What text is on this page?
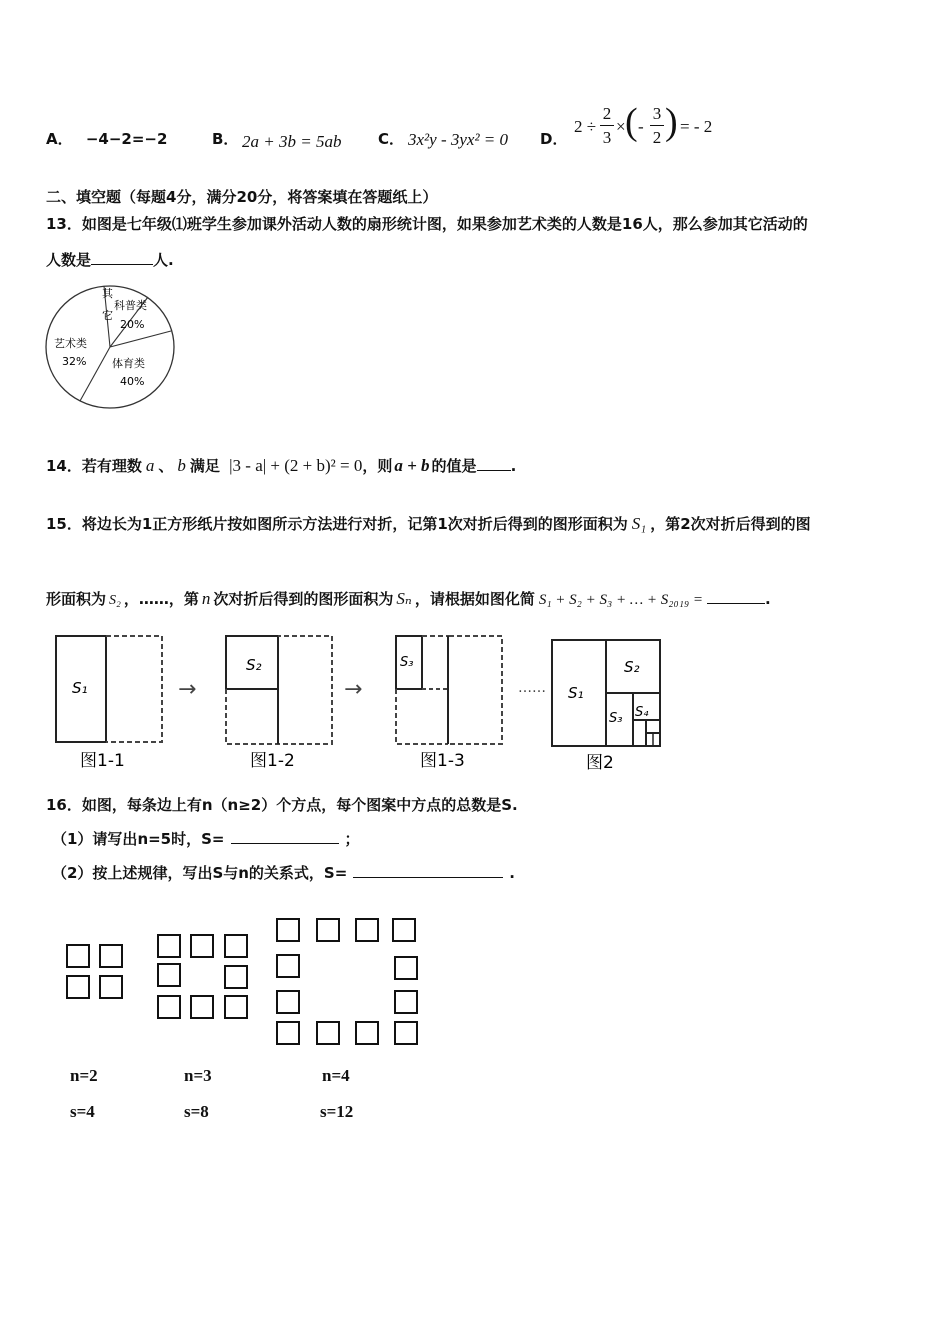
A． −4−2=−2	B． 2a + 3b = 5ab C． 3x²y - 3yx² = 0 D．
2 ÷
2
3
× ( -
3
2 ) = - 2
二、填空题（每题4分，满分20分，将答案填在答题纸上）
13．如图是七年级⑴班学生参加课外活动人数的扇形统计图，如果参加艺术类的人数是16人，那么参加其它活动的
人数是	人.
其
它
科普类
20%
体育类
40%
艺术类
32%
14．若有理数 a 、 b 满足 |3 - a| + (2 + b)² = 0，则 a + b 的值是 .
15．将边长为1正方形纸片按如图所示方法进行对折，记第1次对折后得到的图形面积为 S₁ ，第2次对折后得到的图
形面积为 S₂ ，……，第 n 次对折后得到的图形面积为 Sₙ ，请根据如图化简 S₁ + S₂ + S₃ + … + S₂₀₁₉ =	.
S₁
图1-1
→
S₂
图1-2
→
S₃
图1-3
…… S₁
S₂
S₃ S₄
图2
16．如图，每条边上有n（n≥2）个方点，每个图案中方点的总数是S.
（1）请写出n=5时，S=	；
（2）按上述规律，写出S与n的关系式，S=	.
n=2	n=3	n=4
s=4	s=8	s=12
